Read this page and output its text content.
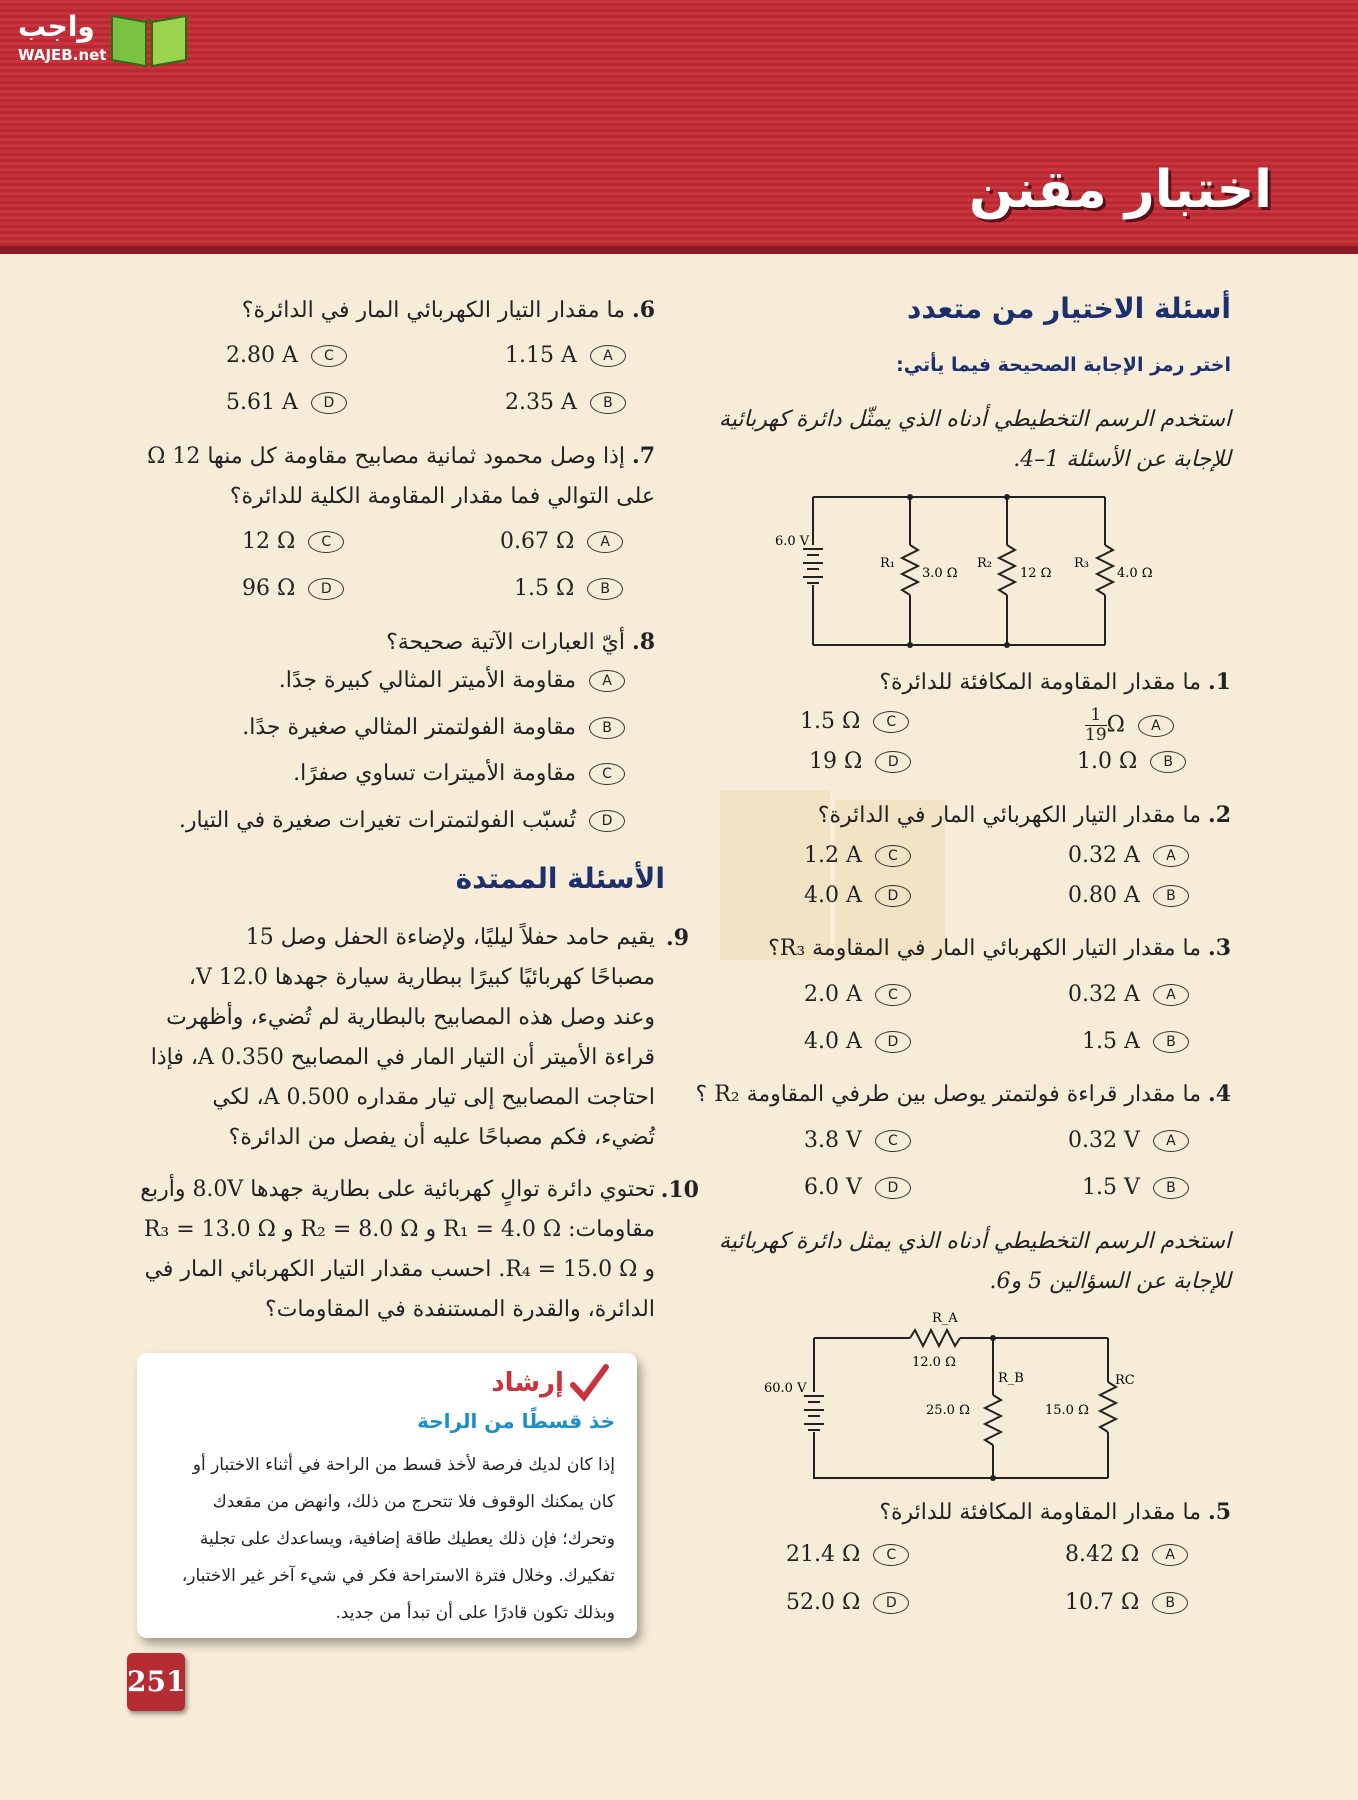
واجب
WAJEB.net
اختبار مقنن
أسئلة الاختيار من متعدد
اختر رمز الإجابة الصحيحة فيما يأتي:
استخدم الرسم التخطيطي أدناه الذي يمثّل دائرة كهربائية للإجابة عن الأسئلة 1–4.
6.0 V
R₁
3.0 Ω
R₂
12 Ω
R₃
4.0 Ω
1. ما مقدار المقاومة المكافئة للدائرة؟
$\frac{1}{19}$ Ω A
1.0 Ω B
1.5 Ω C
19 Ω D
2. ما مقدار التيار الكهربائي المار في الدائرة؟
0.32 A A
0.80 A B
1.2 A C
4.0 A D
3. ما مقدار التيار الكهربائي المار في المقاومة R₃؟
0.32 A A
1.5 A B
2.0 A C
4.0 A D
4. ما مقدار قراءة فولتمتر يوصل بين طرفي المقاومة R₂ ؟
0.32 V A
1.5 V B
3.8 V C
6.0 V D
استخدم الرسم التخطيطي أدناه الذي يمثل دائرة كهربائية للإجابة عن السؤالين 5 و6.
60.0 V
R_A
12.0 Ω
R_B
25.0 Ω
RC
15.0 Ω
5. ما مقدار المقاومة المكافئة للدائرة؟
8.42 Ω A
10.7 Ω B
21.4 Ω C
52.0 Ω D
6. ما مقدار التيار الكهربائي المار في الدائرة؟
1.15 A A
2.35 A B
2.80 A C
5.61 A D
7. إذا وصل محمود ثمانية مصابيح مقاومة كل منها 12 Ω
على التوالي فما مقدار المقاومة الكلية للدائرة؟
0.67 Ω A
1.5 Ω B
12 Ω C
96 Ω D
8. أيّ العبارات الآتية صحيحة؟
A مقاومة الأميتر المثالي كبيرة جدًا.
B مقاومة الفولتمتر المثالي صغيرة جدًا.
C مقاومة الأميترات تساوي صفرًا.
D تُسبّب الفولتمترات تغيرات صغيرة في التيار.
الأسئلة الممتدة
9.
يقيم حامد حفلاً ليليًا، ولإضاءة الحفل وصل 15
مصباحًا كهربائيًا كبيرًا ببطارية سيارة جهدها 12.0 V،
وعند وصل هذه المصابيح بالبطارية لم تُضيء، وأظهرت
قراءة الأميتر أن التيار المار في المصابيح 0.350 A، فإذا
احتاجت المصابيح إلى تيار مقداره 0.500 A، لكي
تُضيء، فكم مصباحًا عليه أن يفصل من الدائرة؟
10.
تحتوي دائرة توالٍ كهربائية على بطارية جهدها 8.0V وأربع
مقاومات: R₁ = 4.0 Ω و R₂ = 8.0 Ω و R₃ = 13.0 Ω
و R₄ = 15.0 Ω. احسب مقدار التيار الكهربائي المار في
الدائرة، والقدرة المستنفدة في المقاومات؟
إرشاد
خذ قسطًا من الراحة
إذا كان لديك فرصة لأخذ قسط من الراحة في أثناء الاختبار أو
كان يمكنك الوقوف فلا تتحرج من ذلك، وانهض من مقعدك
وتحرك؛ فإن ذلك يعطيك طاقة إضافية، ويساعدك على تجلية
تفكيرك. وخلال فترة الاستراحة فكر في شيء آخر غير الاختبار،
وبذلك تكون قادرًا على أن تبدأ من جديد.
251
